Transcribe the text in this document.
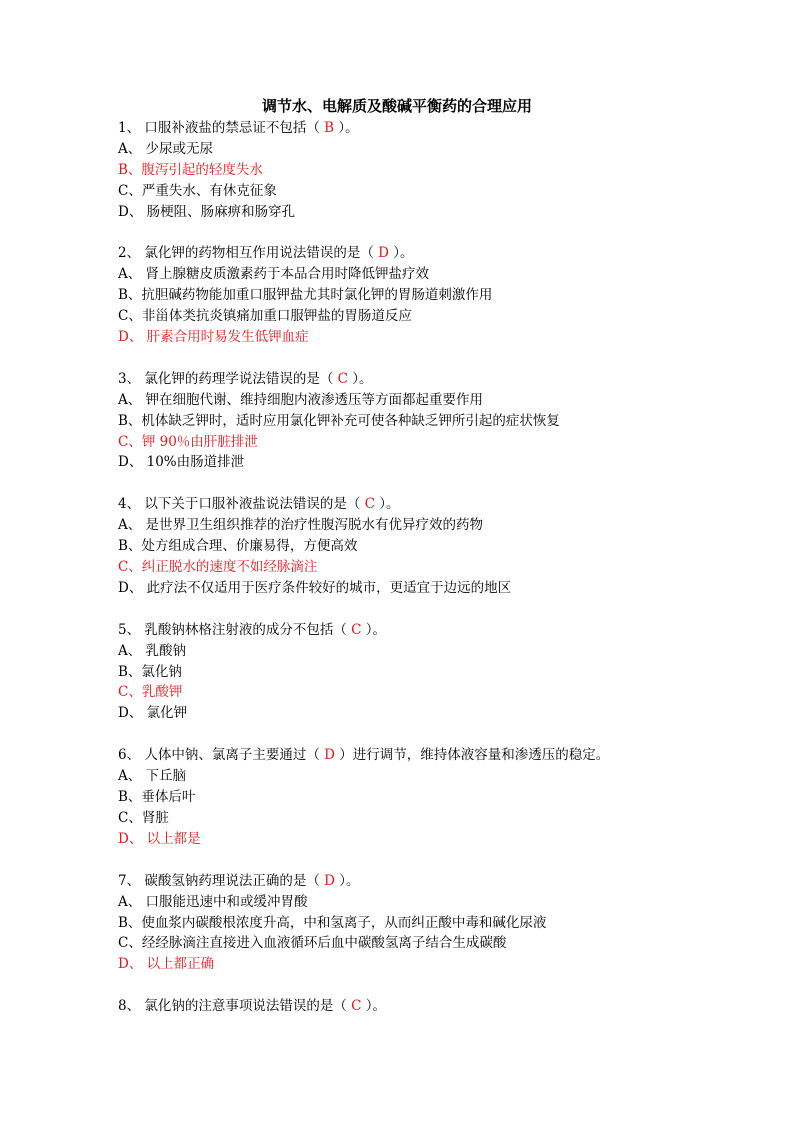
调节水、电解质及酸碱平衡药的合理应用
1、 口服补液盐的禁忌证不包括（ B ）。
A、 少尿或无尿
B、腹泻引起的轻度失水
C、严重失水、有休克征象
D、 肠梗阻、肠麻痹和肠穿孔
2、 氯化钾的药物相互作用说法错误的是（ D ）。
A、 肾上腺糖皮质激素药于本品合用时降低钾盐疗效
B、抗胆碱药物能加重口服钾盐尤其时氯化钾的胃肠道刺激作用
C、非甾体类抗炎镇痛加重口服钾盐的胃肠道反应
D、 肝素合用时易发生低钾血症
3、 氯化钾的药理学说法错误的是（ C ）。
A、 钾在细胞代谢、维持细胞内液渗透压等方面都起重要作用
B、机体缺乏钾时，适时应用氯化钾补充可使各种缺乏钾所引起的症状恢复
C、钾 90％由肝脏排泄
D、 10%由肠道排泄
4、 以下关于口服补液盐说法错误的是（ C ）。
A、 是世界卫生组织推荐的治疗性腹泻脱水有优异疗效的药物
B、处方组成合理、价廉易得，方便高效
C、纠正脱水的速度不如经脉滴注
D、 此疗法不仅适用于医疗条件较好的城市，更适宜于边远的地区
5、 乳酸钠林格注射液的成分不包括（ C ）。
A、 乳酸钠
B、氯化钠
C、乳酸钾
D、 氯化钾
6、 人体中钠、氯离子主要通过（ D ）进行调节，维持体液容量和渗透压的稳定。
A、 下丘脑
B、垂体后叶
C、肾脏
D、 以上都是
7、 碳酸氢钠药理说法正确的是（ D ）。
A、 口服能迅速中和或缓冲胃酸
B、使血浆内碳酸根浓度升高，中和氢离子，从而纠正酸中毒和碱化尿液
C、经经脉滴注直接进入血液循环后血中碳酸氢离子结合生成碳酸
D、 以上都正确
8、 氯化钠的注意事项说法错误的是（ C ）。
